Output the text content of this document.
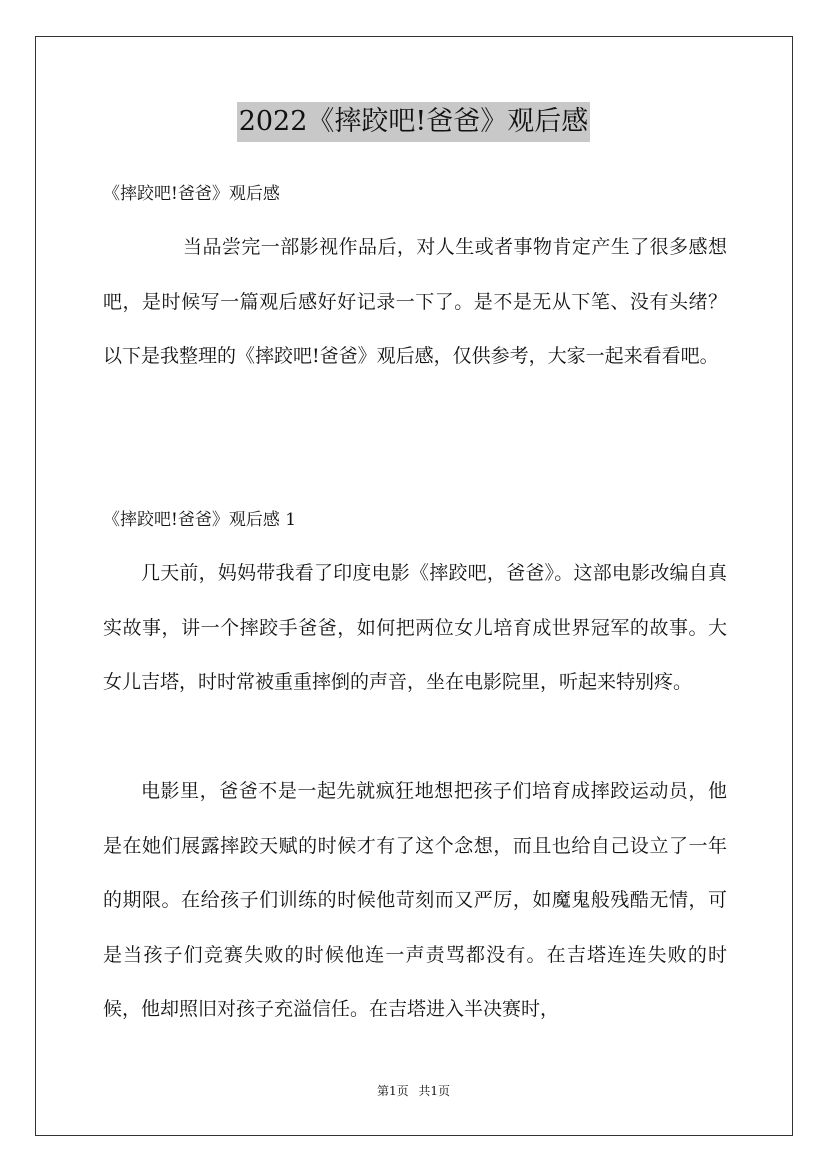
2022《摔跤吧!爸爸》观后感

《摔跤吧!爸爸》观后感

当品尝完一部影视作品后，对人生或者事物肯定产生了很多感想吧，是时候写一篇观后感好好记录一下了。是不是无从下笔、没有头绪？以下是我整理的《摔跤吧!爸爸》观后感，仅供参考，大家一起来看看吧。

《摔跤吧!爸爸》观后感 1

几天前，妈妈带我看了印度电影《摔跤吧，爸爸》。这部电影改编自真实故事，讲一个摔跤手爸爸，如何把两位女儿培育成世界冠军的故事。大女儿吉塔，时时常被重重摔倒的声音，坐在电影院里，听起来特别疼。

电影里，爸爸不是一起先就疯狂地想把孩子们培育成摔跤运动员，他是在她们展露摔跤天赋的时候才有了这个念想，而且也给自己设立了一年的期限。在给孩子们训练的时候他苛刻而又严厉，如魔鬼般残酷无情，可是当孩子们竞赛失败的时候他连一声责骂都没有。在吉塔连连失败的时候，他却照旧对孩子充溢信任。在吉塔进入半决赛时，

第1页 共1页
